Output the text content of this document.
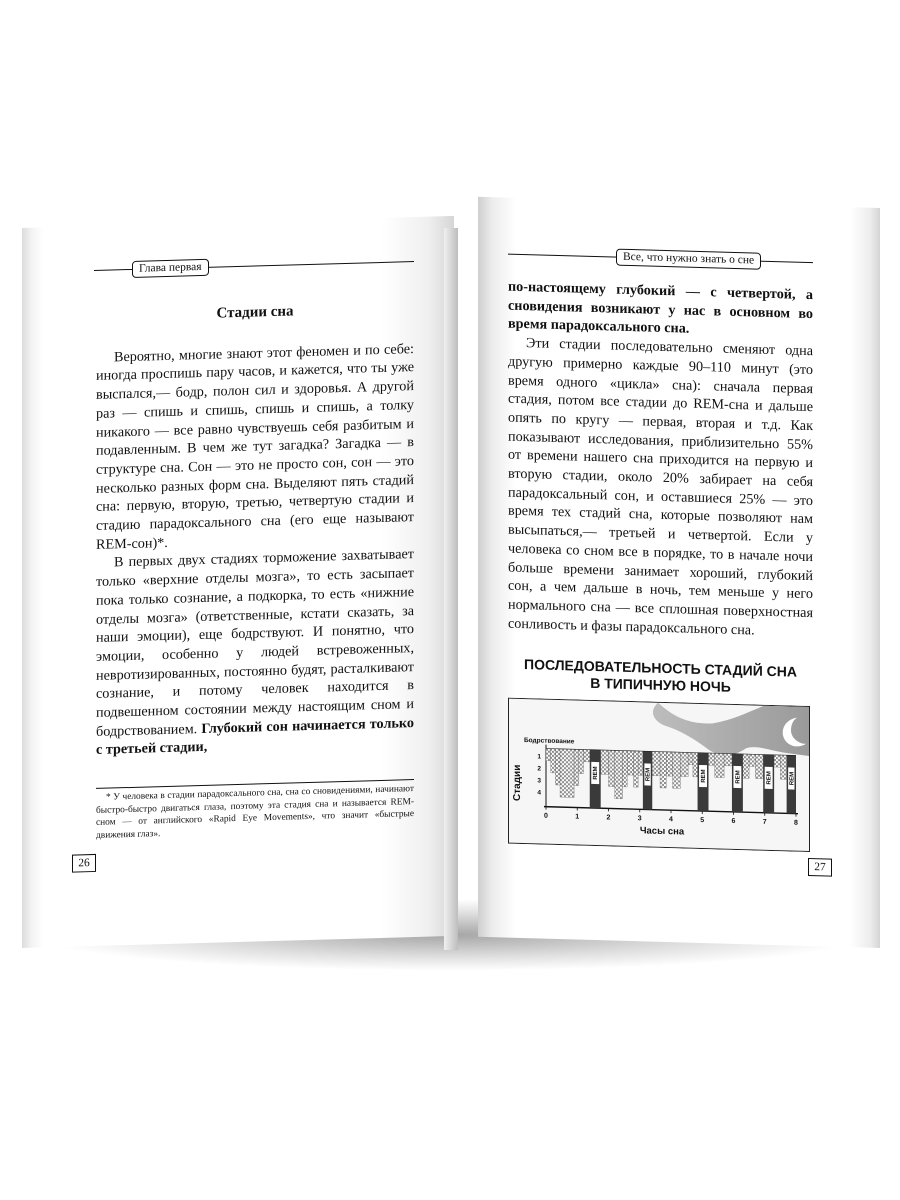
Глава первая
Стадии сна

Вероятно, многие знают этот феномен и по себе: иногда проспишь пару часов, и кажется, что ты уже выспался,— бодр, полон сил и здоровья. А другой раз — спишь и спишь, спишь и спишь, а толку никакого — все равно чувствуешь себя разбитым и подавленным. В чем же тут загадка? Загадка — в структуре сна. Сон — это не просто сон, сон — это несколько разных форм сна. Выделяют пять стадий сна: первую, вторую, третью, четвертую стадии и стадию парадоксального сна (его еще называют REM-сон)*.

В первых двух стадиях торможение захватывает только «верхние отделы мозга», то есть засыпает пока только сознание, а подкорка, то есть «нижние отделы мозга» (ответственные, кстати сказать, за наши эмоции), еще бодрствуют. И понятно, что эмоции, особенно у людей встревоженных, невротизированных, постоянно будят, расталкивают сознание, и потому человек находится в подвешенном состоянии между настоящим сном и бодрствованием. Глубокий сон начинается только с третьей стадии,

* У человека в стадии парадоксального сна, сна со сновидениями, начинают быстро-быстро двигаться глаза, поэтому эта стадия сна и называется REM-сном — от английского «Rapid Eye Movements», что значит «быстрые движения глаз».

26
Все, что нужно знать о сне

по-настоящему глубокий — с четвертой, а сновидения возникают у нас в основном во время парадоксального сна.

Эти стадии последовательно сменяют одна другую примерно каждые 90–110 минут (это время одного «цикла» сна): сначала первая стадия, потом все стадии до REM-сна и дальше опять по кругу — первая, вторая и т.д. Как показывают исследования, приблизительно 55% от времени нашего сна приходится на первую и вторую стадии, около 20% забирает на себя парадоксальный сон, и оставшиеся 25% — это время тех стадий сна, которые позволяют нам высыпаться,— третьей и четвертой. Если у человека со сном все в порядке, то в начале ночи больше времени занимает хороший, глубокий сон, а чем дальше в ночь, тем меньше у него нормального сна — все сплошная поверхностная сонливость и фазы парадоксального сна.

ПОСЛЕДОВАТЕЛЬНОСТЬ СТАДИЙ СНА
В ТИПИЧНУЮ НОЧЬ
Бодрствование
Стадии
Часы сна
REM	REM	REM	REM	REM	REM
1
2
3
4
0	1	2	3	4	5	6	7	8
27
